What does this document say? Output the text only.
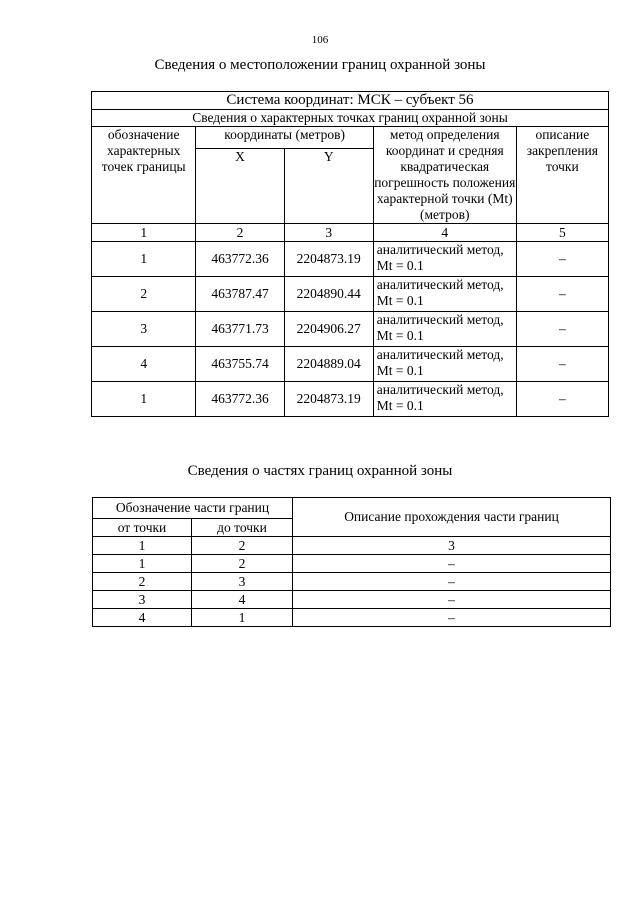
106
Сведения о местоположении границ охранной зоны
Система координат: МСК – субъект 56				
Сведения о характерных точках границ охранной зоны				
обозначение характерных точек границы	координаты (метров)		метод определения координат и средняя квадратическая погрешность положения характерной точки (Mt) (метров)	описание закрепления точки
	X	Y		
1	2	3	4	5
1	463772.36	2204873.19	аналитический метод, Mt = 0.1	–
2	463787.47	2204890.44	аналитический метод, Mt = 0.1	–
3	463771.73	2204906.27	аналитический метод, Mt = 0.1	–
4	463755.74	2204889.04	аналитический метод, Mt = 0.1	–
1	463772.36	2204873.19	аналитический метод, Mt = 0.1	–
Сведения о частях границ охранной зоны
Обозначение части границ		Описание прохождения части границ
от точки	до точки	
1	2	3
1	2	–
2	3	–
3	4	–
4	1	–
